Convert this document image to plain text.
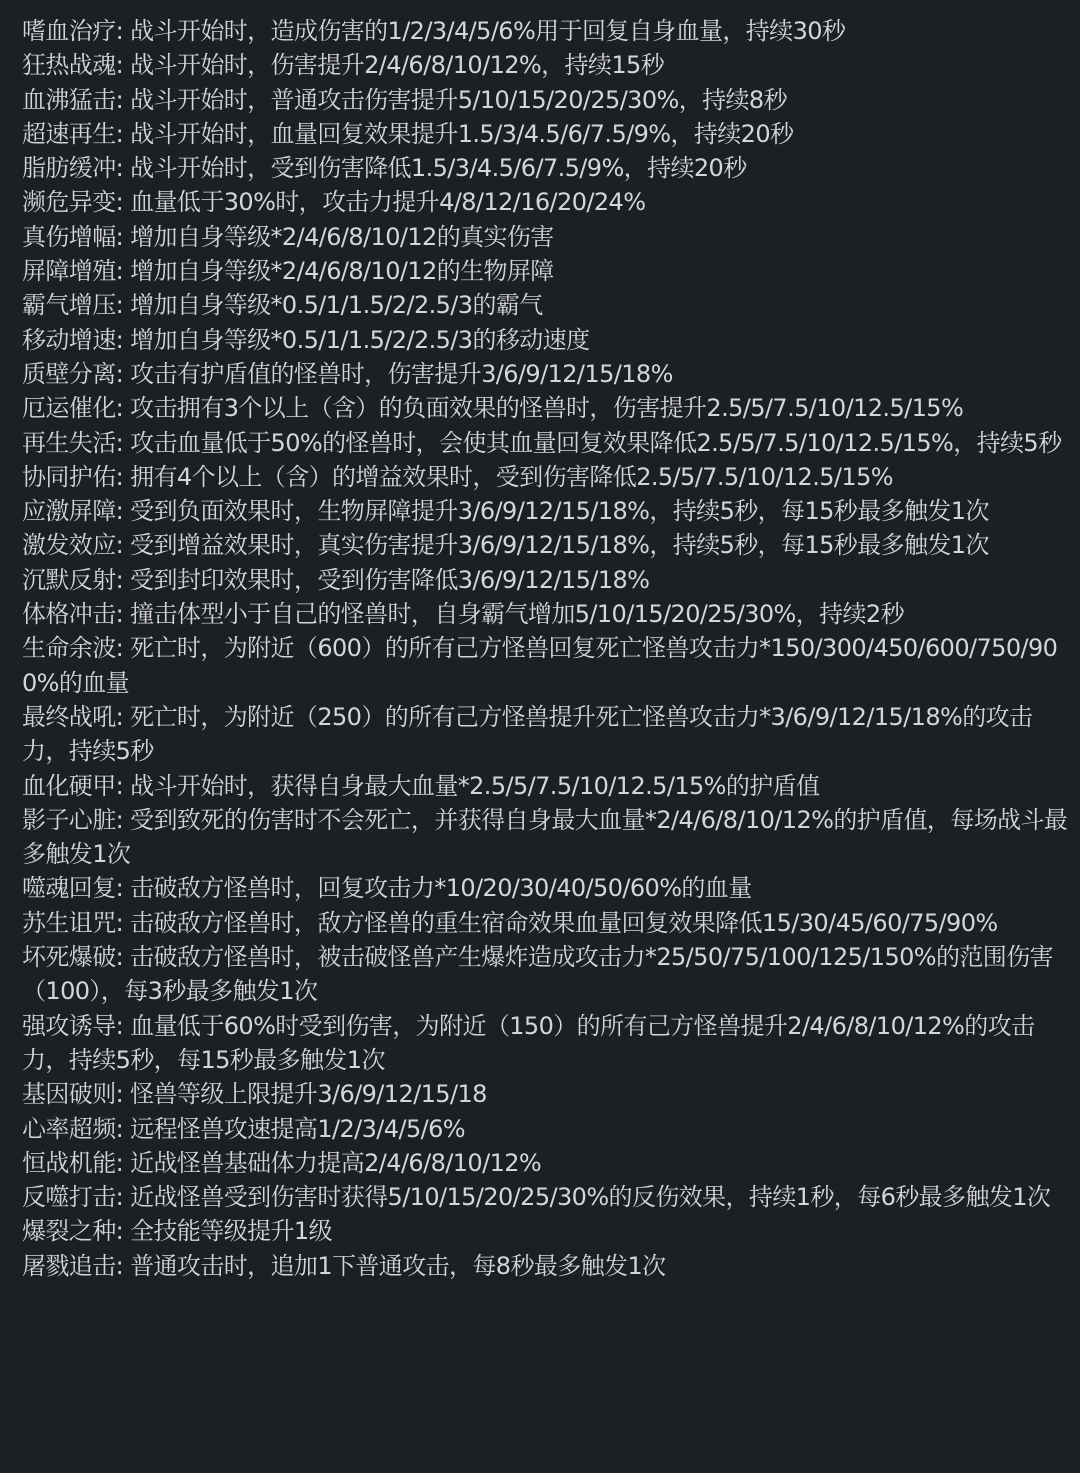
嗜血治疗: 战斗开始时，造成伤害的1/2/3/4/5/6%用于回复自身血量，持续30秒
狂热战魂: 战斗开始时，伤害提升2/4/6/8/10/12%，持续15秒
血沸猛击: 战斗开始时，普通攻击伤害提升5/10/15/20/25/30%，持续8秒
超速再生: 战斗开始时，血量回复效果提升1.5/3/4.5/6/7.5/9%，持续20秒
脂肪缓冲: 战斗开始时，受到伤害降低1.5/3/4.5/6/7.5/9%，持续20秒
濒危异变: 血量低于30%时，攻击力提升4/8/12/16/20/24%
真伤增幅: 增加自身等级*2/4/6/8/10/12的真实伤害
屏障增殖: 增加自身等级*2/4/6/8/10/12的生物屏障
霸气增压: 增加自身等级*0.5/1/1.5/2/2.5/3的霸气
移动增速: 增加自身等级*0.5/1/1.5/2/2.5/3的移动速度
质壁分离: 攻击有护盾值的怪兽时，伤害提升3/6/9/12/15/18%
厄运催化: 攻击拥有3个以上（含）的负面效果的怪兽时，伤害提升2.5/5/7.5/10/12.5/15%
再生失活: 攻击血量低于50%的怪兽时，会使其血量回复效果降低2.5/5/7.5/10/12.5/15%，持续5秒
协同护佑: 拥有4个以上（含）的增益效果时，受到伤害降低2.5/5/7.5/10/12.5/15%
应激屏障: 受到负面效果时，生物屏障提升3/6/9/12/15/18%，持续5秒，每15秒最多触发1次
激发效应: 受到增益效果时，真实伤害提升3/6/9/12/15/18%，持续5秒，每15秒最多触发1次
沉默反射: 受到封印效果时，受到伤害降低3/6/9/12/15/18%
体格冲击: 撞击体型小于自己的怪兽时，自身霸气增加5/10/15/20/25/30%，持续2秒
生命余波: 死亡时，为附近（600）的所有己方怪兽回复死亡怪兽攻击力*150/300/450/600/750/900%的血量
最终战吼: 死亡时，为附近（250）的所有己方怪兽提升死亡怪兽攻击力*3/6/9/12/15/18%的攻击力，持续5秒
血化硬甲: 战斗开始时，获得自身最大血量*2.5/5/7.5/10/12.5/15%的护盾值
影子心脏: 受到致死的伤害时不会死亡，并获得自身最大血量*2/4/6/8/10/12%的护盾值，每场战斗最多触发1次
噬魂回复: 击破敌方怪兽时，回复攻击力*10/20/30/40/50/60%的血量
苏生诅咒: 击破敌方怪兽时，敌方怪兽的重生宿命效果血量回复效果降低15/30/45/60/75/90%
坏死爆破: 击破敌方怪兽时，被击破怪兽产生爆炸造成攻击力*25/50/75/100/125/150%的范围伤害（100），每3秒最多触发1次
强攻诱导: 血量低于60%时受到伤害，为附近（150）的所有己方怪兽提升2/4/6/8/10/12%的攻击力，持续5秒，每15秒最多触发1次
基因破则: 怪兽等级上限提升3/6/9/12/15/18
心率超频: 远程怪兽攻速提高1/2/3/4/5/6%
恒战机能: 近战怪兽基础体力提高2/4/6/8/10/12%
反噬打击: 近战怪兽受到伤害时获得5/10/15/20/25/30%的反伤效果，持续1秒，每6秒最多触发1次
爆裂之种: 全技能等级提升1级
屠戮追击: 普通攻击时，追加1下普通攻击，每8秒最多触发1次
